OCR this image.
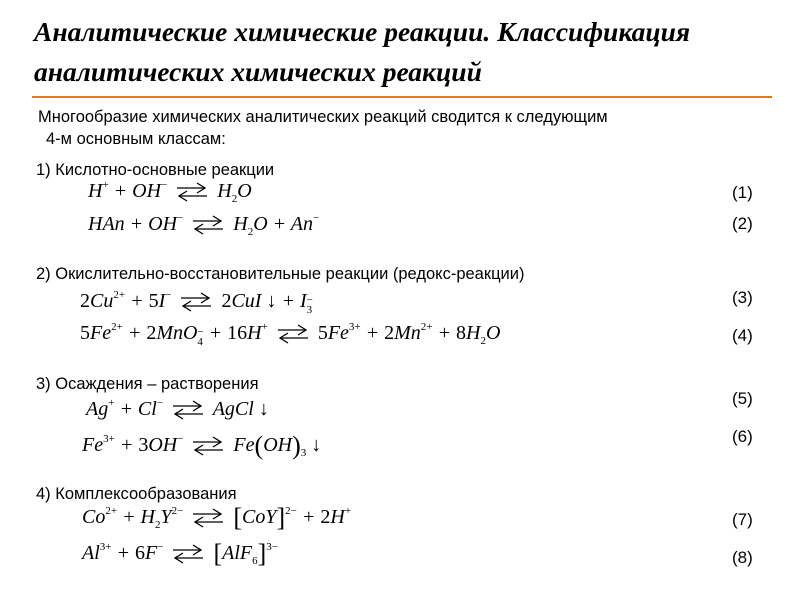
Аналитические химические реакции. Классификация аналитических химических реакций
Многообразие химических аналитических реакций сводится к следующим
4-м основным классам:
1) Кислотно-основные реакции
H+ + OH− ⇌ $H_2O$
HAn + OH− ⇌ $H_2O + An^-$
2) Окислительно-восстановительные реакции (редокс-реакции)
$2Cu^{2+} + 5I^-$ ⇌ 2CuI ↓ + I −
3
$5Fe^{2+} + 2MnO$ −
4 + 16H+ ⇌ $5Fe^{3+} + 2Mn^{2+} + 8H_2O$
3) Осаждения – растворения
Ag+ + Cl− ⇌ AgCl ↓
$Fe^{3+} + 3OH^-$ ⇌ $Fe(OH)_3$ ↓
4) Комплексообразования
$Co^{2+} + H_2Y^{2-}$ ⇌ [CoY]$^{2-}$ + 2H+
$Al^{3+} + 6F^-$ ⇌ $[AlF_6]^{3-}$
(1)
(2)
(3)
(4)
(5)
(6)
(7)
(8)
